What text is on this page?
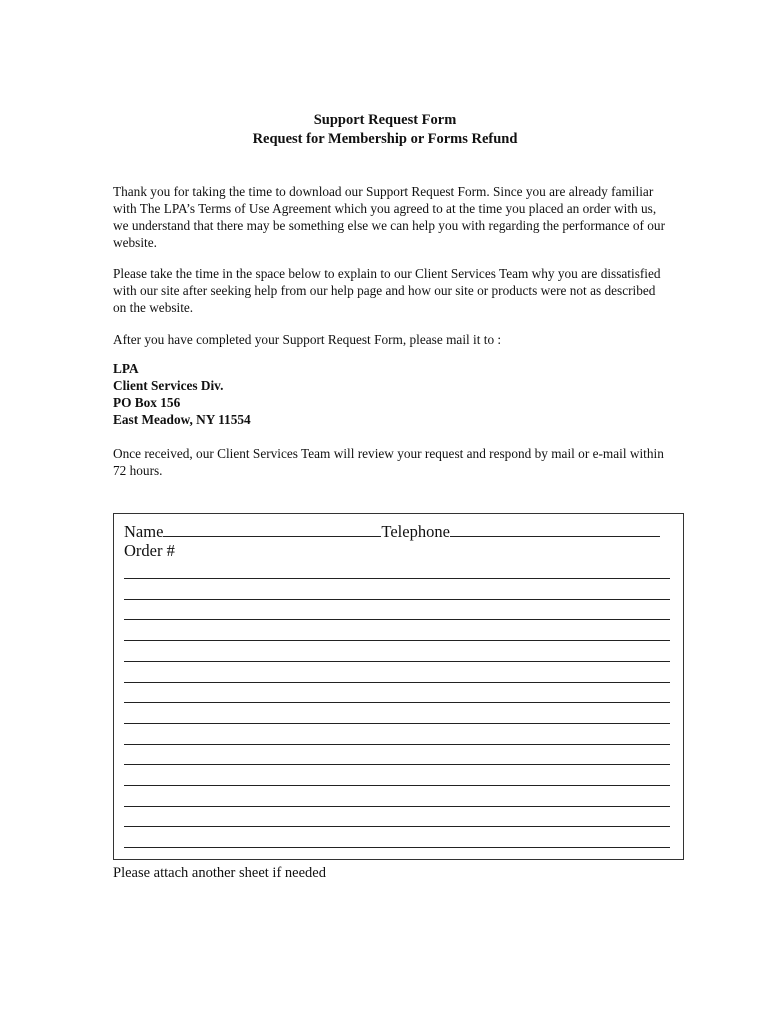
Support Request Form
Request for Membership or Forms Refund

Thank you for taking the time to download our Support Request Form. Since you are already familiar
with The LPA’s Terms of Use Agreement which you agreed to at the time you placed an order with us,
we understand that there may be something else we can help you with regarding the performance of our
website.

Please take the time in the space below to explain to our Client Services Team why you are dissatisfied
with our site after seeking help from our help page and how our site or products were not as described
on the website.

After you have completed your Support Request Form, please mail it to :

LPA
Client Services Div.
PO Box 156
East Meadow, NY 11554

Once received, our Client Services Team will review your request and respond by mail or e-mail within
72 hours.

Name	Telephone
Order #
Please attach another sheet if needed
